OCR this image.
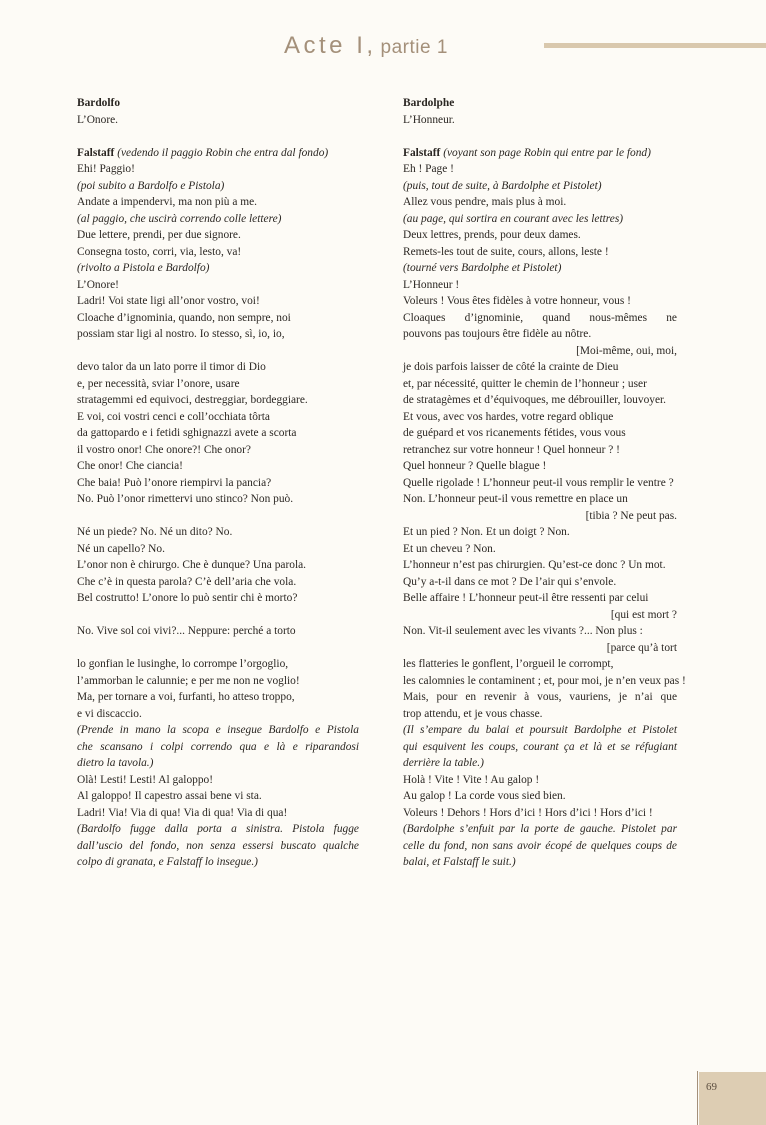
Acte I, partie 1
Bardolfo
L’Onore.
Falstaff (vedendo il paggio Robin che entra dal fondo)
Ehi! Paggio!
(poi subito a Bardolfo e Pistola)
Andate a impendervi, ma non più a me.
(al paggio, che uscirà correndo colle lettere)
Due lettere, prendi, per due signore.
Consegna tosto, corri, via, lesto, va!
(rivolto a Pistola e Bardolfo)
L’Onore!
Ladri! Voi state ligi all’onor vostro, voi!
Cloache d’ignominia, quando, non sempre, noi
possiam star ligi al nostro. Io stesso, sì, io, io,
devo talor da un lato porre il timor di Dio
e, per necessità, sviar l’onore, usare
stratagemmi ed equivoci, destreggiar, bordeggiare.
E voi, coi vostri cenci e coll’occhiata tôrta
da gattopardo e i fetidi sghignazzi avete a scorta
il vostro onor! Che onore?! Che onor?
Che onor! Che ciancia!
Che baia! Può l’onore riempirvi la pancia?
No. Può l’onor rimettervi uno stinco? Non può.
Né un piede? No. Né un dito? No.
Né un capello? No.
L’onor non è chirurgo. Che è dunque? Una parola.
Che c’è in questa parola? C’è dell’aria che vola.
Bel costrutto! L’onore lo può sentir chi è morto?
No. Vive sol coi vivi?... Neppure: perché a torto
lo gonfian le lusinghe, lo corrompe l’orgoglio,
l’ammorban le calunnie; e per me non ne voglio!
Ma, per tornare a voi, furfanti, ho atteso troppo,
e vi discaccio.
(Prende in mano la scopa e insegue Bardolfo e Pistola
che scansano i colpi correndo qua e là e riparandosi
dietro la tavola.)
Olà! Lesti! Lesti! Al galoppo!
Al galoppo! Il capestro assai bene vi sta.
Ladri! Via! Via di qua! Via di qua! Via di qua!
(Bardolfo fugge dalla porta a sinistra. Pistola fugge
dall’uscio del fondo, non senza essersi buscato qualche
colpo di granata, e Falstaff lo insegue.)
Bardolphe
L’Honneur.
Falstaff (voyant son page Robin qui entre par le fond)
Eh ! Page !
(puis, tout de suite, à Bardolphe et Pistolet)
Allez vous pendre, mais plus à moi.
(au page, qui sortira en courant avec les lettres)
Deux lettres, prends, pour deux dames.
Remets-les tout de suite, cours, allons, leste !
(tourné vers Bardolphe et Pistolet)
L’Honneur !
Voleurs ! Vous êtes fidèles à votre honneur, vous !
Cloaques d’ignominie, quand nous-mêmes ne
pouvons pas toujours être fidèle au nôtre.
[Moi-même, oui, moi,
je dois parfois laisser de côté la crainte de Dieu
et, par nécessité, quitter le chemin de l’honneur ; user
de stratagèmes et d’équivoques, me débrouiller, louvoyer.
Et vous, avec vos hardes, votre regard oblique
de guépard et vos ricanements fétides, vous vous
retranchez sur votre honneur ! Quel honneur ? !
Quel honneur ? Quelle blague !
Quelle rigolade ! L’honneur peut-il vous remplir le ventre ?
Non. L’honneur peut-il vous remettre en place un
[tibia ? Ne peut pas.
Et un pied ? Non. Et un doigt ? Non.
Et un cheveu ? Non.
L’honneur n’est pas chirurgien. Qu’est-ce donc ? Un mot.
Qu’y a-t-il dans ce mot ? De l’air qui s’envole.
Belle affaire ! L’honneur peut-il être ressenti par celui
[qui est mort ?
Non. Vit-il seulement avec les vivants ?... Non plus :
[parce qu’à tort
les flatteries le gonflent, l’orgueil le corrompt,
les calomnies le contaminent ; et, pour moi, je n’en veux pas !
Mais, pour en revenir à vous, vauriens, je n’ai que
trop attendu, et je vous chasse.
(Il s’empare du balai et poursuit Bardolphe et Pistolet
qui esquivent les coups, courant ça et là et se réfugiant
derrière la table.)
Holà ! Vite ! Vite ! Au galop !
Au galop ! La corde vous sied bien.
Voleurs ! Dehors ! Hors d’ici ! Hors d’ici ! Hors d’ici !
(Bardolphe s’enfuit par la porte de gauche. Pistolet par
celle du fond, non sans avoir écopé de quelques coups de
balai, et Falstaff le suit.)
69
